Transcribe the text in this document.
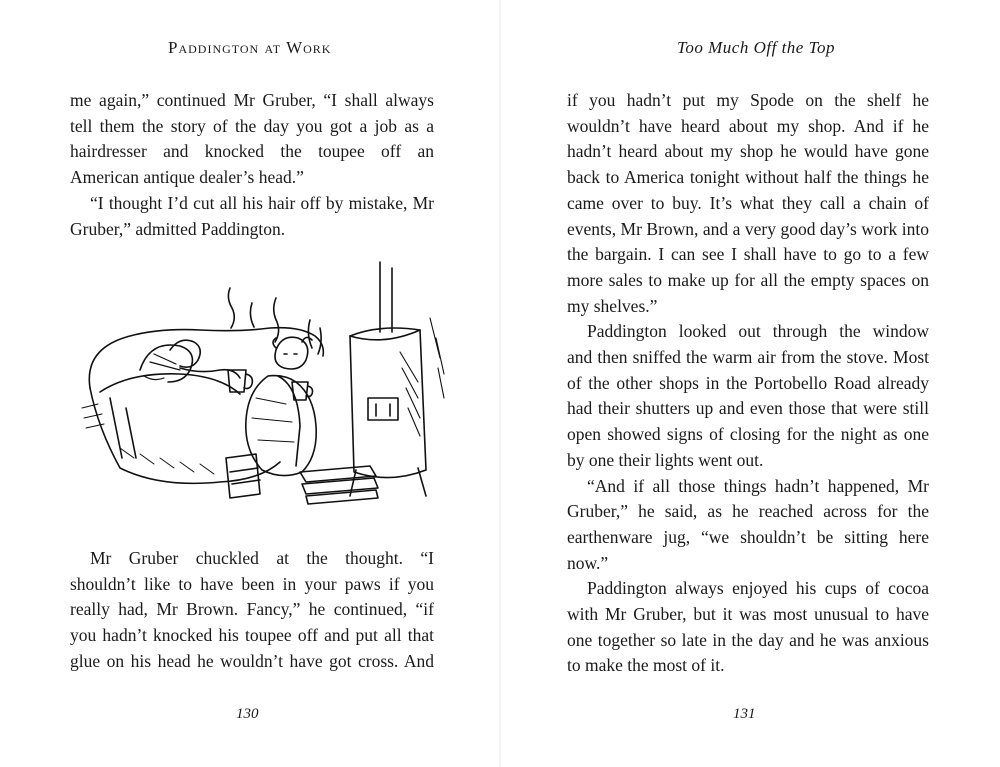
Paddington at Work
me again,” continued Mr Gruber, “I shall always
tell them the story of the day you got a job as a
hairdresser and knocked the toupee off an
American antique dealer’s head.”
“I thought I’d cut all his hair off by mistake, Mr
Gruber,” admitted Paddington.
Mr Gruber chuckled at the thought. “I
shouldn’t like to have been in your paws if you
really had, Mr Brown. Fancy,” he continued, “if
you hadn’t knocked his toupee off and put all that
glue on his head he wouldn’t have got cross. And
130
Too Much Off the Top
if you hadn’t put my Spode on the shelf he
wouldn’t have heard about my shop. And if he
hadn’t heard about my shop he would have gone
back to America tonight without half the things he
came over to buy. It’s what they call a chain of
events, Mr Brown, and a very good day’s work into
the bargain. I can see I shall have to go to a few
more sales to make up for all the empty spaces on
my shelves.”
Paddington looked out through the window
and then sniffed the warm air from the stove. Most
of the other shops in the Portobello Road already
had their shutters up and even those that were still
open showed signs of closing for the night as one
by one their lights went out.
“And if all those things hadn’t happened, Mr
Gruber,” he said, as he reached across for the
earthenware jug, “we shouldn’t be sitting here
now.”
Paddington always enjoyed his cups of cocoa
with Mr Gruber, but it was most unusual to have
one together so late in the day and he was anxious
to make the most of it.
131
